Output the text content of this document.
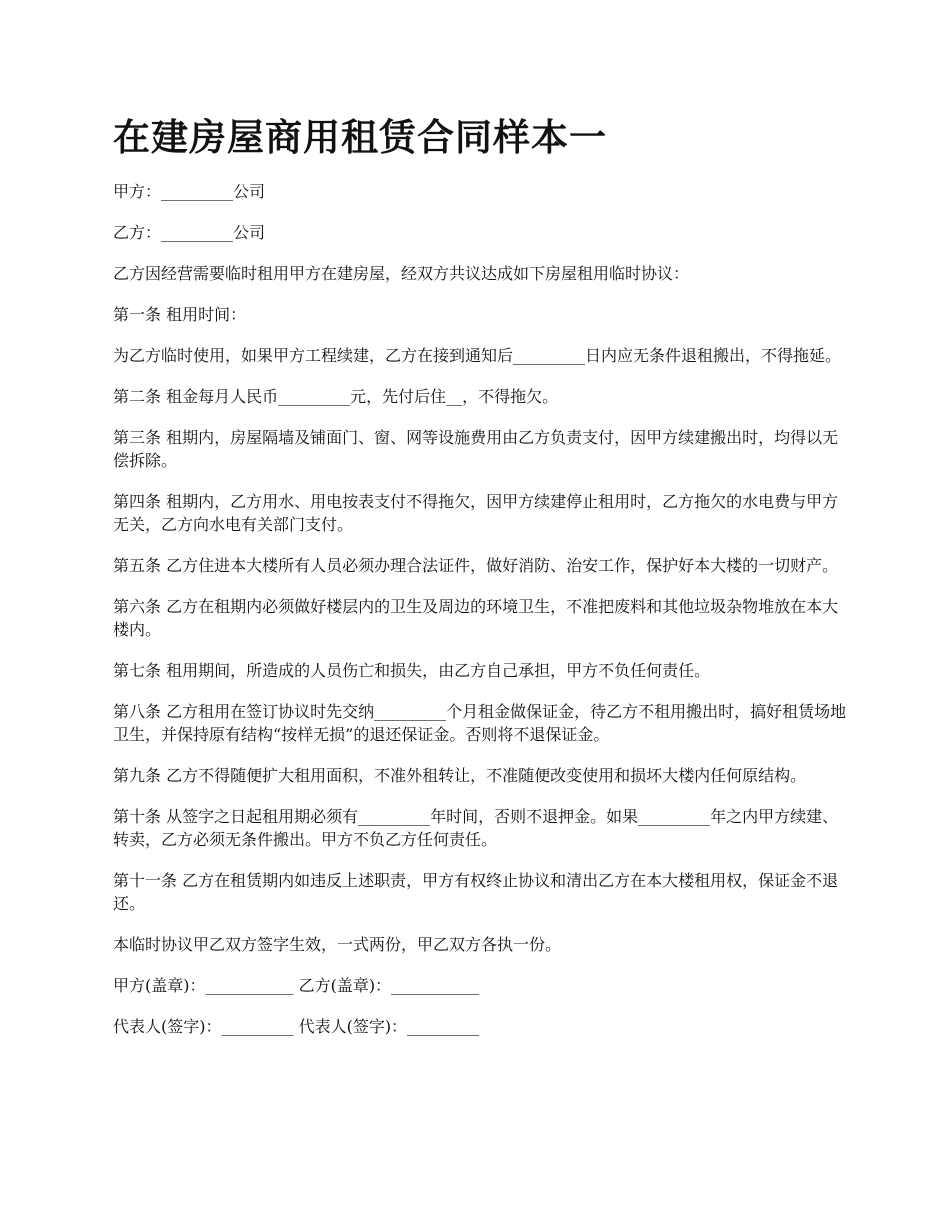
在建房屋商用租赁合同样本一

甲方：_________公司

乙方：_________公司

乙方因经营需要临时租用甲方在建房屋，经双方共议达成如下房屋租用临时协议：

第一条 租用时间：

为乙方临时使用，如果甲方工程续建，乙方在接到通知后_________日内应无条件退租搬出，不得拖延。

第二条 租金每月人民币_________元，先付后住__，不得拖欠。

第三条 租期内，房屋隔墙及铺面门、窗、网等设施费用由乙方负责支付，因甲方续建搬出时，均得以无偿拆除。

第四条 租期内，乙方用水、用电按表支付不得拖欠，因甲方续建停止租用时，乙方拖欠的水电费与甲方无关，乙方向水电有关部门支付。

第五条 乙方住进本大楼所有人员必须办理合法证件，做好消防、治安工作，保护好本大楼的一切财产。

第六条 乙方在租期内必须做好楼层内的卫生及周边的环境卫生，不准把废料和其他垃圾杂物堆放在本大楼内。

第七条 租用期间，所造成的人员伤亡和损失，由乙方自己承担，甲方不负任何责任。

第八条 乙方租用在签订协议时先交纳_________个月租金做保证金，待乙方不租用搬出时，搞好租赁场地卫生，并保持原有结构“按样无损”的退还保证金。否则将不退保证金。

第九条 乙方不得随便扩大租用面积，不准外租转让，不准随便改变使用和损坏大楼内任何原结构。

第十条 从签字之日起租用期必须有_________年时间，否则不退押金。如果_________年之内甲方续建、转卖，乙方必须无条件搬出。甲方不负乙方任何责任。

第十一条 乙方在租赁期内如违反上述职责，甲方有权终止协议和清出乙方在本大楼租用权，保证金不退还。

本临时协议甲乙双方签字生效，一式两份，甲乙双方各执一份。

甲方(盖章)：___________ 乙方(盖章)：___________

代表人(签字)：_________ 代表人(签字)：_________
